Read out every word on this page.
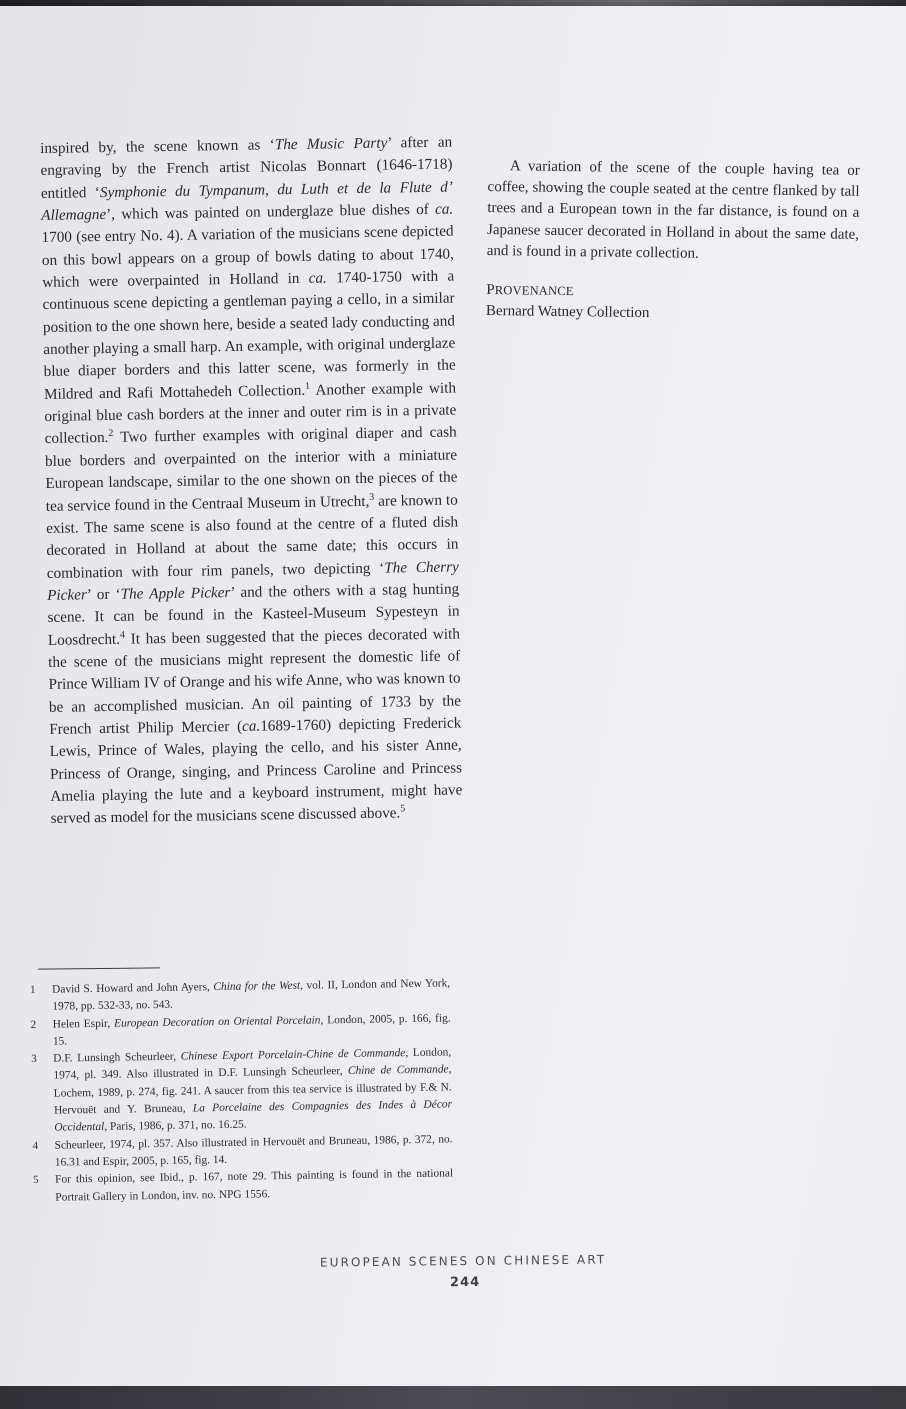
inspired by, the scene known as ‘The Music Party’ after an engraving by the French artist Nicolas Bonnart (1646-1718) entitled ‘Symphonie du Tympanum, du Luth et de la Flute d’ Allemagne’, which was painted on underglaze blue dishes of ca. 1700 (see entry No. 4). A variation of the musicians scene depicted on this bowl appears on a group of bowls dating to about 1740, which were overpainted in Holland in ca. 1740-1750 with a continuous scene depicting a gentleman paying a cello, in a similar position to the one shown here, beside a seated lady conducting and another playing a small harp. An example, with original underglaze blue diaper borders and this latter scene, was formerly in the Mildred and Rafi Mottahedeh Collection.$^1$ Another example with original blue cash borders at the inner and outer rim is in a private collection.$^2$ Two further examples with original diaper and cash blue borders and overpainted on the interior with a miniature European landscape, similar to the one shown on the pieces of the tea service found in the Centraal Museum in Utrecht,$^3$ are known to exist. The same scene is also found at the centre of a fluted dish decorated in Holland at about the same date; this occurs in combination with four rim panels, two depicting ‘The Cherry Picker’ or ‘The Apple Picker’ and the others with a stag hunting scene. It can be found in the Kasteel-Museum Sypesteyn in Loosdrecht.$^4$ It has been suggested that the pieces decorated with the scene of the musicians might represent the domestic life of Prince William IV of Orange and his wife Anne, who was known to be an accomplished musician. An oil painting of 1733 by the French artist Philip Mercier (ca.1689-1760) depicting Frederick Lewis, Prince of Wales, playing the cello, and his sister Anne, Princess of Orange, singing, and Princess Caroline and Princess Amelia playing the lute and a keyboard instrument, might have served as model for the musicians scene discussed above.$^5$

A variation of the scene of the couple having tea or coffee, showing the couple seated at the centre flanked by tall trees and a European town in the far distance, is found on a Japanese saucer decorated in Holland in about the same date, and is found in a private collection.

PROVENANCE

Bernard Watney Collection

1	David S. Howard and John Ayers, China for the West, vol. II, London and New York, 1978, pp. 532-33, no. 543.
2	Helen Espir, European Decoration on Oriental Porcelain, London, 2005, p. 166, fig. 15.
3	D.F. Lunsingh Scheurleer, Chinese Export Porcelain-Chine de Commande, London, 1974, pl. 349. Also illustrated in D.F. Lunsingh Scheurleer, Chine de Commande, Lochem, 1989, p. 274, fig. 241. A saucer from this tea service is illustrated by F.& N. Hervouët and Y. Bruneau, La Porcelaine des Compagnies des Indes à Décor Occidental, Paris, 1986, p. 371, no. 16.25.
4	Scheurleer, 1974, pl. 357. Also illustrated in Hervouët and Bruneau, 1986, p. 372, no. 16.31 and Espir, 2005, p. 165, fig. 14.
5	For this opinion, see Ibid., p. 167, note 29. This painting is found in the national Portrait Gallery in London, inv. no. NPG 1556.
EUROPEAN SCENES ON CHINESE ART
244
